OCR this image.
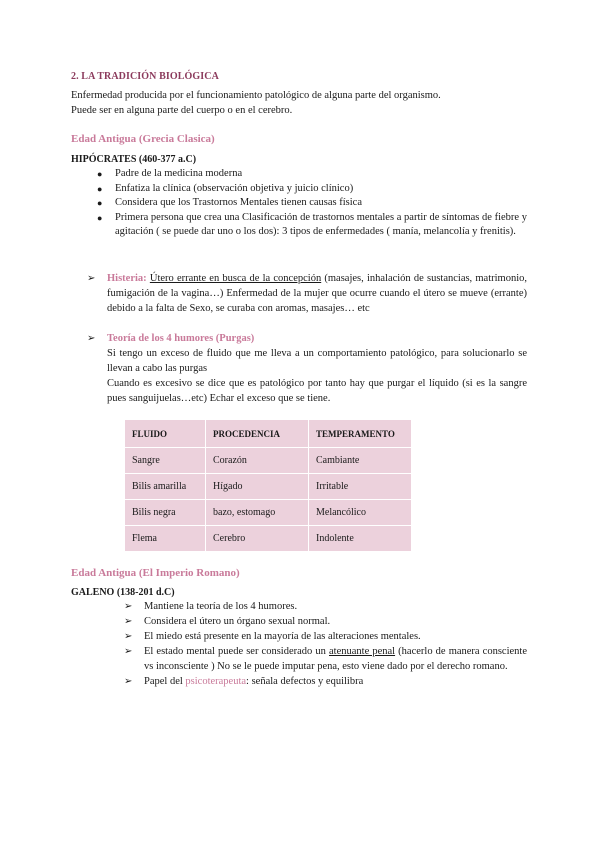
2. LA TRADICIÓN BIOLÓGICA
Enfermedad producida por el funcionamiento patológico de alguna parte del organismo.
Puede ser en alguna parte del cuerpo o en el cerebro.
Edad Antigua (Grecia Clasica)
HIPÓCRATES (460-377 a.C)
● Padre de la medicina moderna
● Enfatiza la clínica (observación objetiva y juicio clínico)
● Considera que los Trastornos Mentales tienen causas física
● Primera persona que crea una Clasificación de trastornos mentales a partir de síntomas de fiebre y agitación ( se puede dar uno o los dos): 3 tipos de enfermedades ( manía, melancolía y frenitis).
➢ Histeria: Útero errante en busca de la concepción (masajes, inhalación de sustancias, matrimonio, fumigación de la vagina…) Enfermedad de la mujer que ocurre cuando el útero se mueve (errante) debido a la falta de Sexo, se curaba con aromas, masajes… etc
➢ Teoría de los 4 humores (Purgas)
Si tengo un exceso de fluido que me lleva a un comportamiento patológico, para solucionarlo se llevan a cabo las purgas
Cuando es excesivo se dice que es patológico por tanto hay que purgar el líquido (si es la sangre pues sanguijuelas…etc) Echar el exceso que se tiene.
FLUIDO	PROCEDENCIA	TEMPERAMENTO
Sangre	Corazón	Cambiante
Bilis amarilla	Hígado	Irritable
Bilis negra	bazo, estomago	Melancólico
Flema	Cerebro	Indolente
Edad Antigua (El Imperio Romano)
GALENO (138-201 d.C)
➢ Mantiene la teoría de los 4 humores.
➢ Considera el útero un órgano sexual normal.
➢ El miedo está presente en la mayoría de las alteraciones mentales.
➢ El estado mental puede ser considerado un atenuante penal (hacerlo de manera consciente vs inconsciente ) No se le puede imputar pena, esto viene dado por el derecho romano.
➢ Papel del psicoterapeuta: señala defectos y equilibra
